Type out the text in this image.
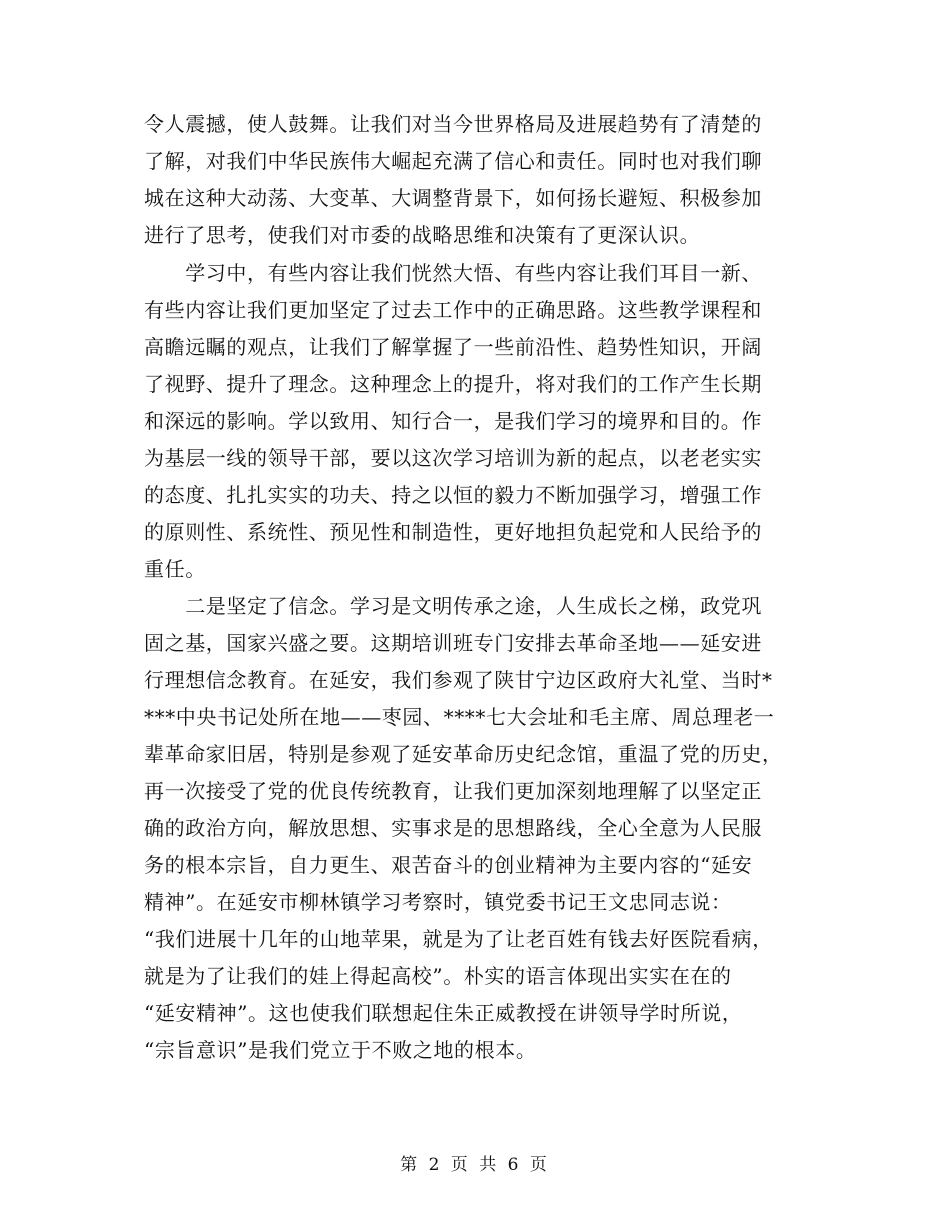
令人震撼，使人鼓舞。让我们对当今世界格局及进展趋势有了清楚的
了解，对我们中华民族伟大崛起充满了信心和责任。同时也对我们聊
城在这种大动荡、大变革、大调整背景下，如何扬长避短、积极参加
进行了思考，使我们对市委的战略思维和决策有了更深认识。
　　学习中，有些内容让我们恍然大悟、有些内容让我们耳目一新、
有些内容让我们更加坚定了过去工作中的正确思路。这些教学课程和
高瞻远瞩的观点，让我们了解掌握了一些前沿性、趋势性知识，开阔
了视野、提升了理念。这种理念上的提升，将对我们的工作产生长期
和深远的影响。学以致用、知行合一，是我们学习的境界和目的。作
为基层一线的领导干部，要以这次学习培训为新的起点，以老老实实
的态度、扎扎实实的功夫、持之以恒的毅力不断加强学习，增强工作
的原则性、系统性、预见性和制造性，更好地担负起党和人民给予的
重任。
　　二是坚定了信念。学习是文明传承之途，人生成长之梯，政党巩
固之基，国家兴盛之要。这期培训班专门安排去革命圣地——延安进
行理想信念教育。在延安，我们参观了陕甘宁边区政府大礼堂、当时*
***中央书记处所在地——枣园、****七大会址和毛主席、周总理老一
辈革命家旧居，特别是参观了延安革命历史纪念馆，重温了党的历史，
再一次接受了党的优良传统教育，让我们更加深刻地理解了以坚定正
确的政治方向，解放思想、实事求是的思想路线，全心全意为人民服
务的根本宗旨，自力更生、艰苦奋斗的创业精神为主要内容的“延安
精神”。在延安市柳林镇学习考察时，镇党委书记王文忠同志说：
“我们进展十几年的山地苹果，就是为了让老百姓有钱去好医院看病，
就是为了让我们的娃上得起高校”。朴实的语言体现出实实在在的
“延安精神”。这也使我们联想起住朱正威教授在讲领导学时所说，
“宗旨意识”是我们党立于不败之地的根本。
第 2 页 共 6 页
